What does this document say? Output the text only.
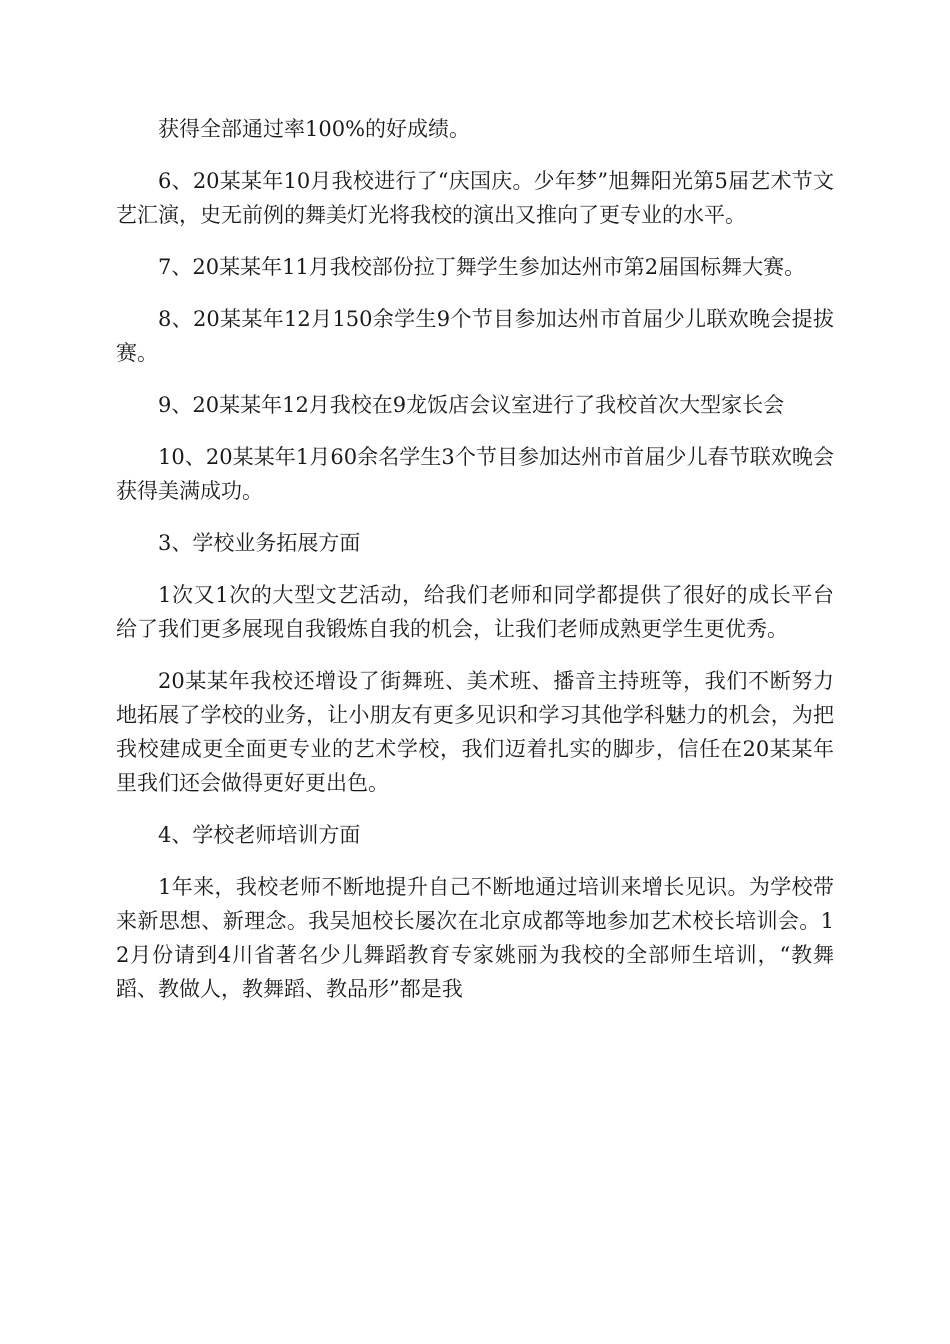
获得全部通过率100%的好成绩。

6、20某某年10月我校进行了“庆国庆。少年梦”旭舞阳光第5届艺术节文艺汇演，史无前例的舞美灯光将我校的演出又推向了更专业的水平。

7、20某某年11月我校部份拉丁舞学生参加达州市第2届国标舞大赛。

8、20某某年12月150余学生9个节目参加达州市首届少儿联欢晚会提拔赛。

9、20某某年12月我校在9龙饭店会议室进行了我校首次大型家长会

10、20某某年1月60余名学生3个节目参加达州市首届少儿春节联欢晚会获得美满成功。

3、学校业务拓展方面

1次又1次的大型文艺活动，给我们老师和同学都提供了很好的成长平台给了我们更多展现自我锻炼自我的机会，让我们老师成熟更学生更优秀。

20某某年我校还增设了街舞班、美术班、播音主持班等，我们不断努力地拓展了学校的业务，让小朋友有更多见识和学习其他学科魅力的机会，为把我校建成更全面更专业的艺术学校，我们迈着扎实的脚步，信任在20某某年里我们还会做得更好更出色。

4、学校老师培训方面

1年来，我校老师不断地提升自己不断地通过培训来增长见识。为学校带来新思想、新理念。我吴旭校长屡次在北京成都等地参加艺术校长培训会。12月份请到4川省著名少儿舞蹈教育专家姚丽为我校的全部师生培训，“教舞蹈、教做人，教舞蹈、教品形”都是我
